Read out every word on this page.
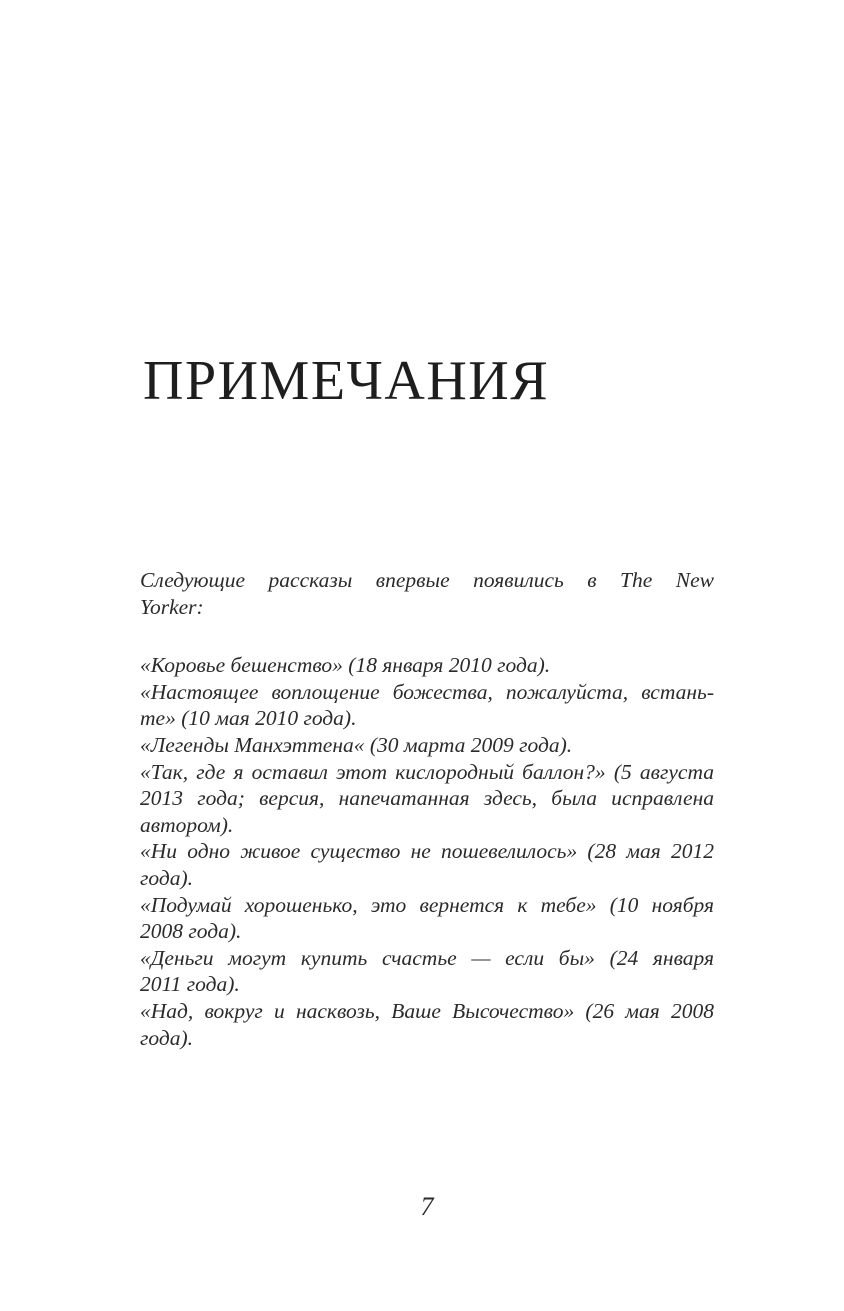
ПРИМЕЧАНИЯ
Следующие рассказы впервые появились в The New
Yorker:
«Коровье бешенство» (18 января 2010 года).
«Настоящее воплощение божества, пожалуйста, встань-
те» (10 мая 2010 года).
«Легенды Манхэттена« (30 марта 2009 года).
«Так, где я оставил этот кислородный баллон?» (5 августа
2013 года; версия, напечатанная здесь, была исправлена
автором).
«Ни одно живое существо не пошевелилось» (28 мая 2012
года).
«Подумай хорошенько, это вернется к тебе» (10 ноября
2008 года).
«Деньги могут купить счастье — если бы» (24 января
2011 года).
«Над, вокруг и насквозь, Ваше Высочество» (26 мая 2008
года).
7
